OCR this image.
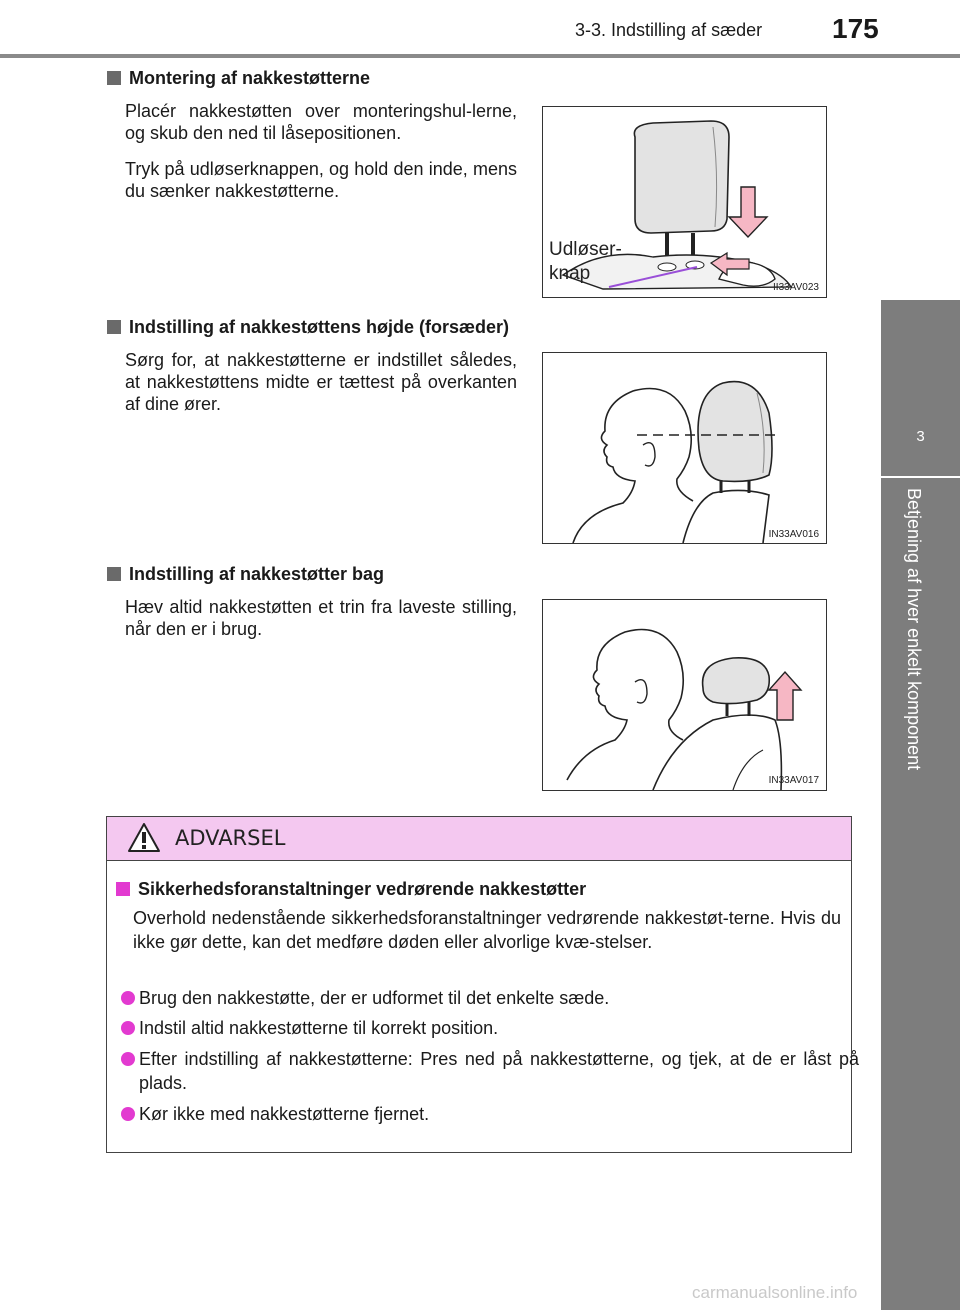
3-3. Indstilling af sæder 175
3
Betjening af hver enkelt komponent
Montering af nakkestøtterne
Placér nakkestøtten over monteringshul-lerne, og skub den ned til låsepositionen.
Tryk på udløserknappen, og hold den inde, mens du sænker nakkestøtterne.
Udløser-
knap
II33AV023
Indstilling af nakkestøttens højde (forsæder)
Sørg for, at nakkestøtterne er indstillet således, at nakkestøttens midte er tættest på overkanten af dine ører.
IN33AV016
Indstilling af nakkestøtter bag
Hæv altid nakkestøtten et trin fra laveste stilling, når den er i brug.
IN33AV017
ADVARSEL
Sikkerhedsforanstaltninger vedrørende nakkestøtter
Overhold nedenstående sikkerhedsforanstaltninger vedrørende nakkestøt-terne. Hvis du ikke gør dette, kan det medføre døden eller alvorlige kvæ-stelser.
Brug den nakkestøtte, der er udformet til det enkelte sæde.
Indstil altid nakkestøtterne til korrekt position.
Efter indstilling af nakkestøtterne: Pres ned på nakkestøtterne, og tjek, at de er låst på plads.
Kør ikke med nakkestøtterne fjernet.
carmanualsonline.info
